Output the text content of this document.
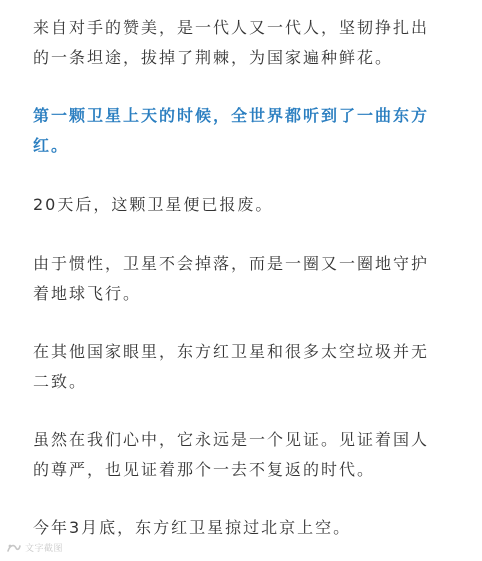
来自对手的赞美，是一代人又一代人，坚韧挣扎出
的一条坦途，拔掉了荆棘，为国家遍种鲜花。

第一颗卫星上天的时候，全世界都听到了一曲东方
红。

20天后，这颗卫星便已报废。

由于惯性，卫星不会掉落，而是一圈又一圈地守护
着地球飞行。

在其他国家眼里，东方红卫星和很多太空垃圾并无
二致。

虽然在我们心中，它永远是一个见证。见证着国人
的尊严，也见证着那个一去不复返的时代。

今年3月底，东方红卫星掠过北京上空。

文字截图
